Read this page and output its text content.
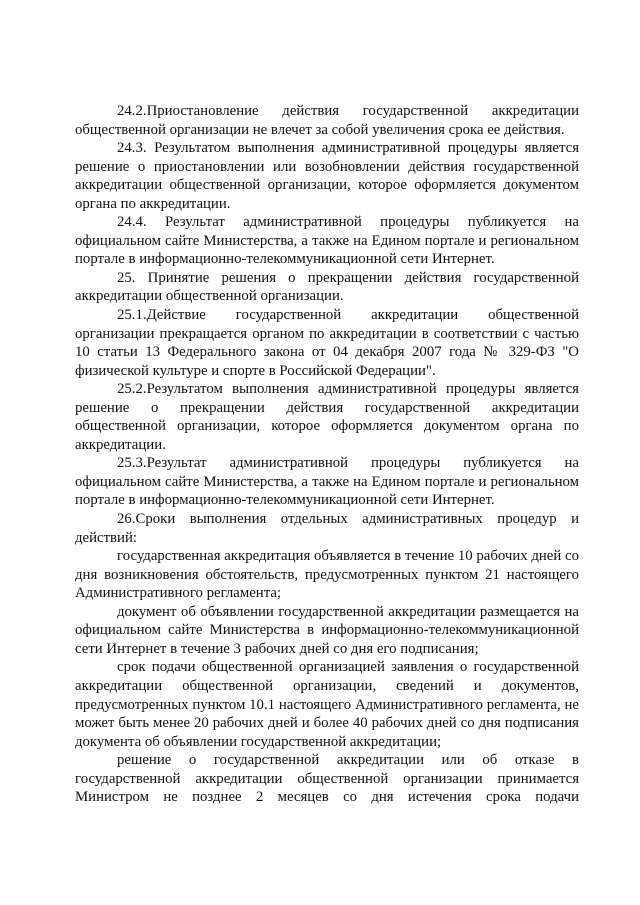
24.2.Приостановление действия государственной аккредитации общественной организации не влечет за собой увеличения срока ее действия.

24.3. Результатом выполнения административной процедуры является решение о приостановлении или возобновлении действия государственной аккредитации общественной организации, которое оформляется документом органа по аккредитации.

24.4. Результат административной процедуры публикуется на официальном сайте Министерства, а также на Едином портале и региональном портале в информационно-телекоммуникационной сети Интернет.

25. Принятие решения о прекращении действия государственной аккредитации общественной организации.

25.1.Действие государственной аккредитации общественной организации прекращается органом по аккредитации в соответствии с частью 10 статьи 13 Федерального закона от 04 декабря 2007 года № 329-ФЗ "О физической культуре и спорте в Российской Федерации".

25.2.Результатом выполнения административной процедуры является решение о прекращении действия государственной аккредитации общественной организации, которое оформляется документом органа по аккредитации.

25.3.Результат административной процедуры публикуется на официальном сайте Министерства, а также на Едином портале и региональном портале в информационно-телекоммуникационной сети Интернет.

26.Сроки выполнения отдельных административных процедур и действий:

государственная аккредитация объявляется в течение 10 рабочих дней со дня возникновения обстоятельств, предусмотренных пунктом 21 настоящего Административного регламента;

документ об объявлении государственной аккредитации размещается на официальном сайте Министерства в информационно-телекоммуникационной сети Интернет в течение 3 рабочих дней со дня его подписания;

срок подачи общественной организацией заявления о государственной аккредитации общественной организации, сведений и документов, предусмотренных пунктом 10.1 настоящего Административного регламента, не может быть менее 20 рабочих дней и более 40 рабочих дней со дня подписания документа об объявлении государственной аккредитации;

решение о государственной аккредитации или об отказе в государственной аккредитации общественной организации принимается Министром не позднее 2 месяцев со дня истечения срока подачи
